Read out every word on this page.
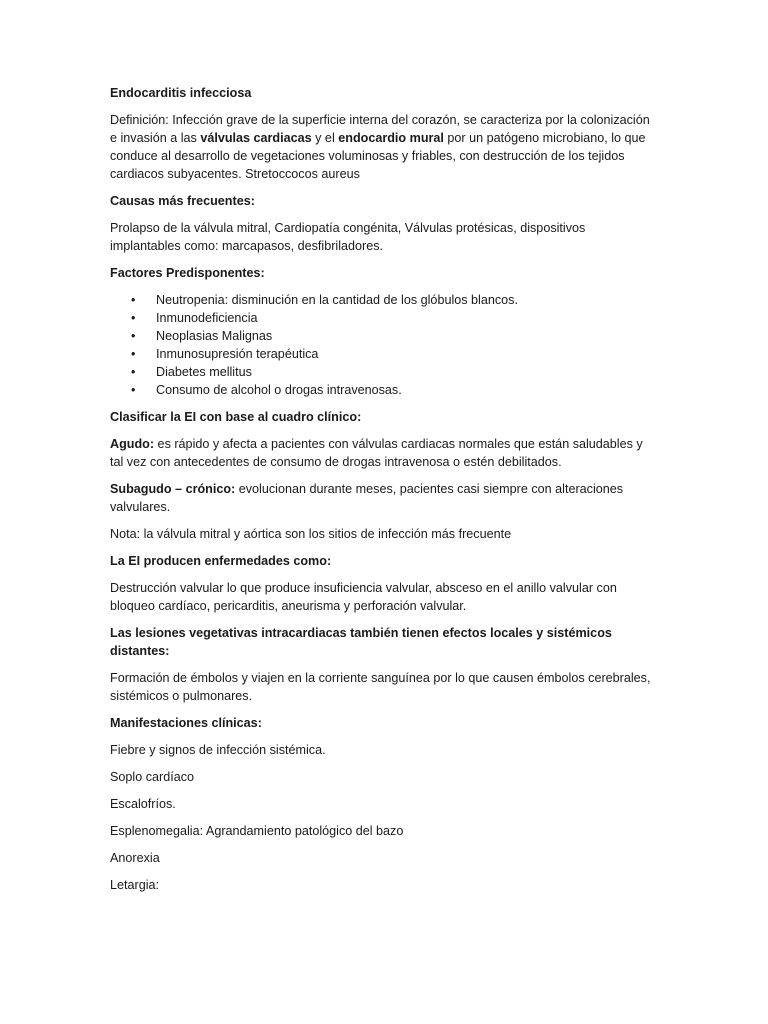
Endocarditis infecciosa

Definición: Infección grave de la superficie interna del corazón, se caracteriza por la colonización e invasión a las válvulas cardiacas y el endocardio mural por un patógeno microbiano, lo que conduce al desarrollo de vegetaciones voluminosas y friables, con destrucción de los tejidos cardiacos subyacentes. Stretoccocos aureus

Causas más frecuentes:

Prolapso de la válvula mitral, Cardiopatía congénita, Válvulas protésicas, dispositivos implantables como: marcapasos, desfibriladores.

Factores Predisponentes:

• Neutropenia: disminución en la cantidad de los glóbulos blancos.
• Inmunodeficiencia
• Neoplasias Malignas
• Inmunosupresión terapéutica
• Diabetes mellitus
• Consumo de alcohol o drogas intravenosas.

Clasificar la EI con base al cuadro clínico:

Agudo: es rápido y afecta a pacientes con válvulas cardiacas normales que están saludables y tal vez con antecedentes de consumo de drogas intravenosa o estén debilitados.

Subagudo – crónico: evolucionan durante meses, pacientes casi siempre con alteraciones valvulares.

Nota: la válvula mitral y aórtica son los sitios de infección más frecuente

La EI producen enfermedades como:

Destrucción valvular lo que produce insuficiencia valvular, absceso en el anillo valvular con bloqueo cardíaco, pericarditis, aneurisma y perforación valvular.

Las lesiones vegetativas intracardiacas también tienen efectos locales y sistémicos distantes:

Formación de émbolos y viajen en la corriente sanguínea por lo que causen émbolos cerebrales, sistémicos o pulmonares.

Manifestaciones clínicas:

Fiebre y signos de infección sistémica.

Soplo cardíaco

Escalofríos.

Esplenomegalia: Agrandamiento patológico del bazo

Anorexia

Letargia:
